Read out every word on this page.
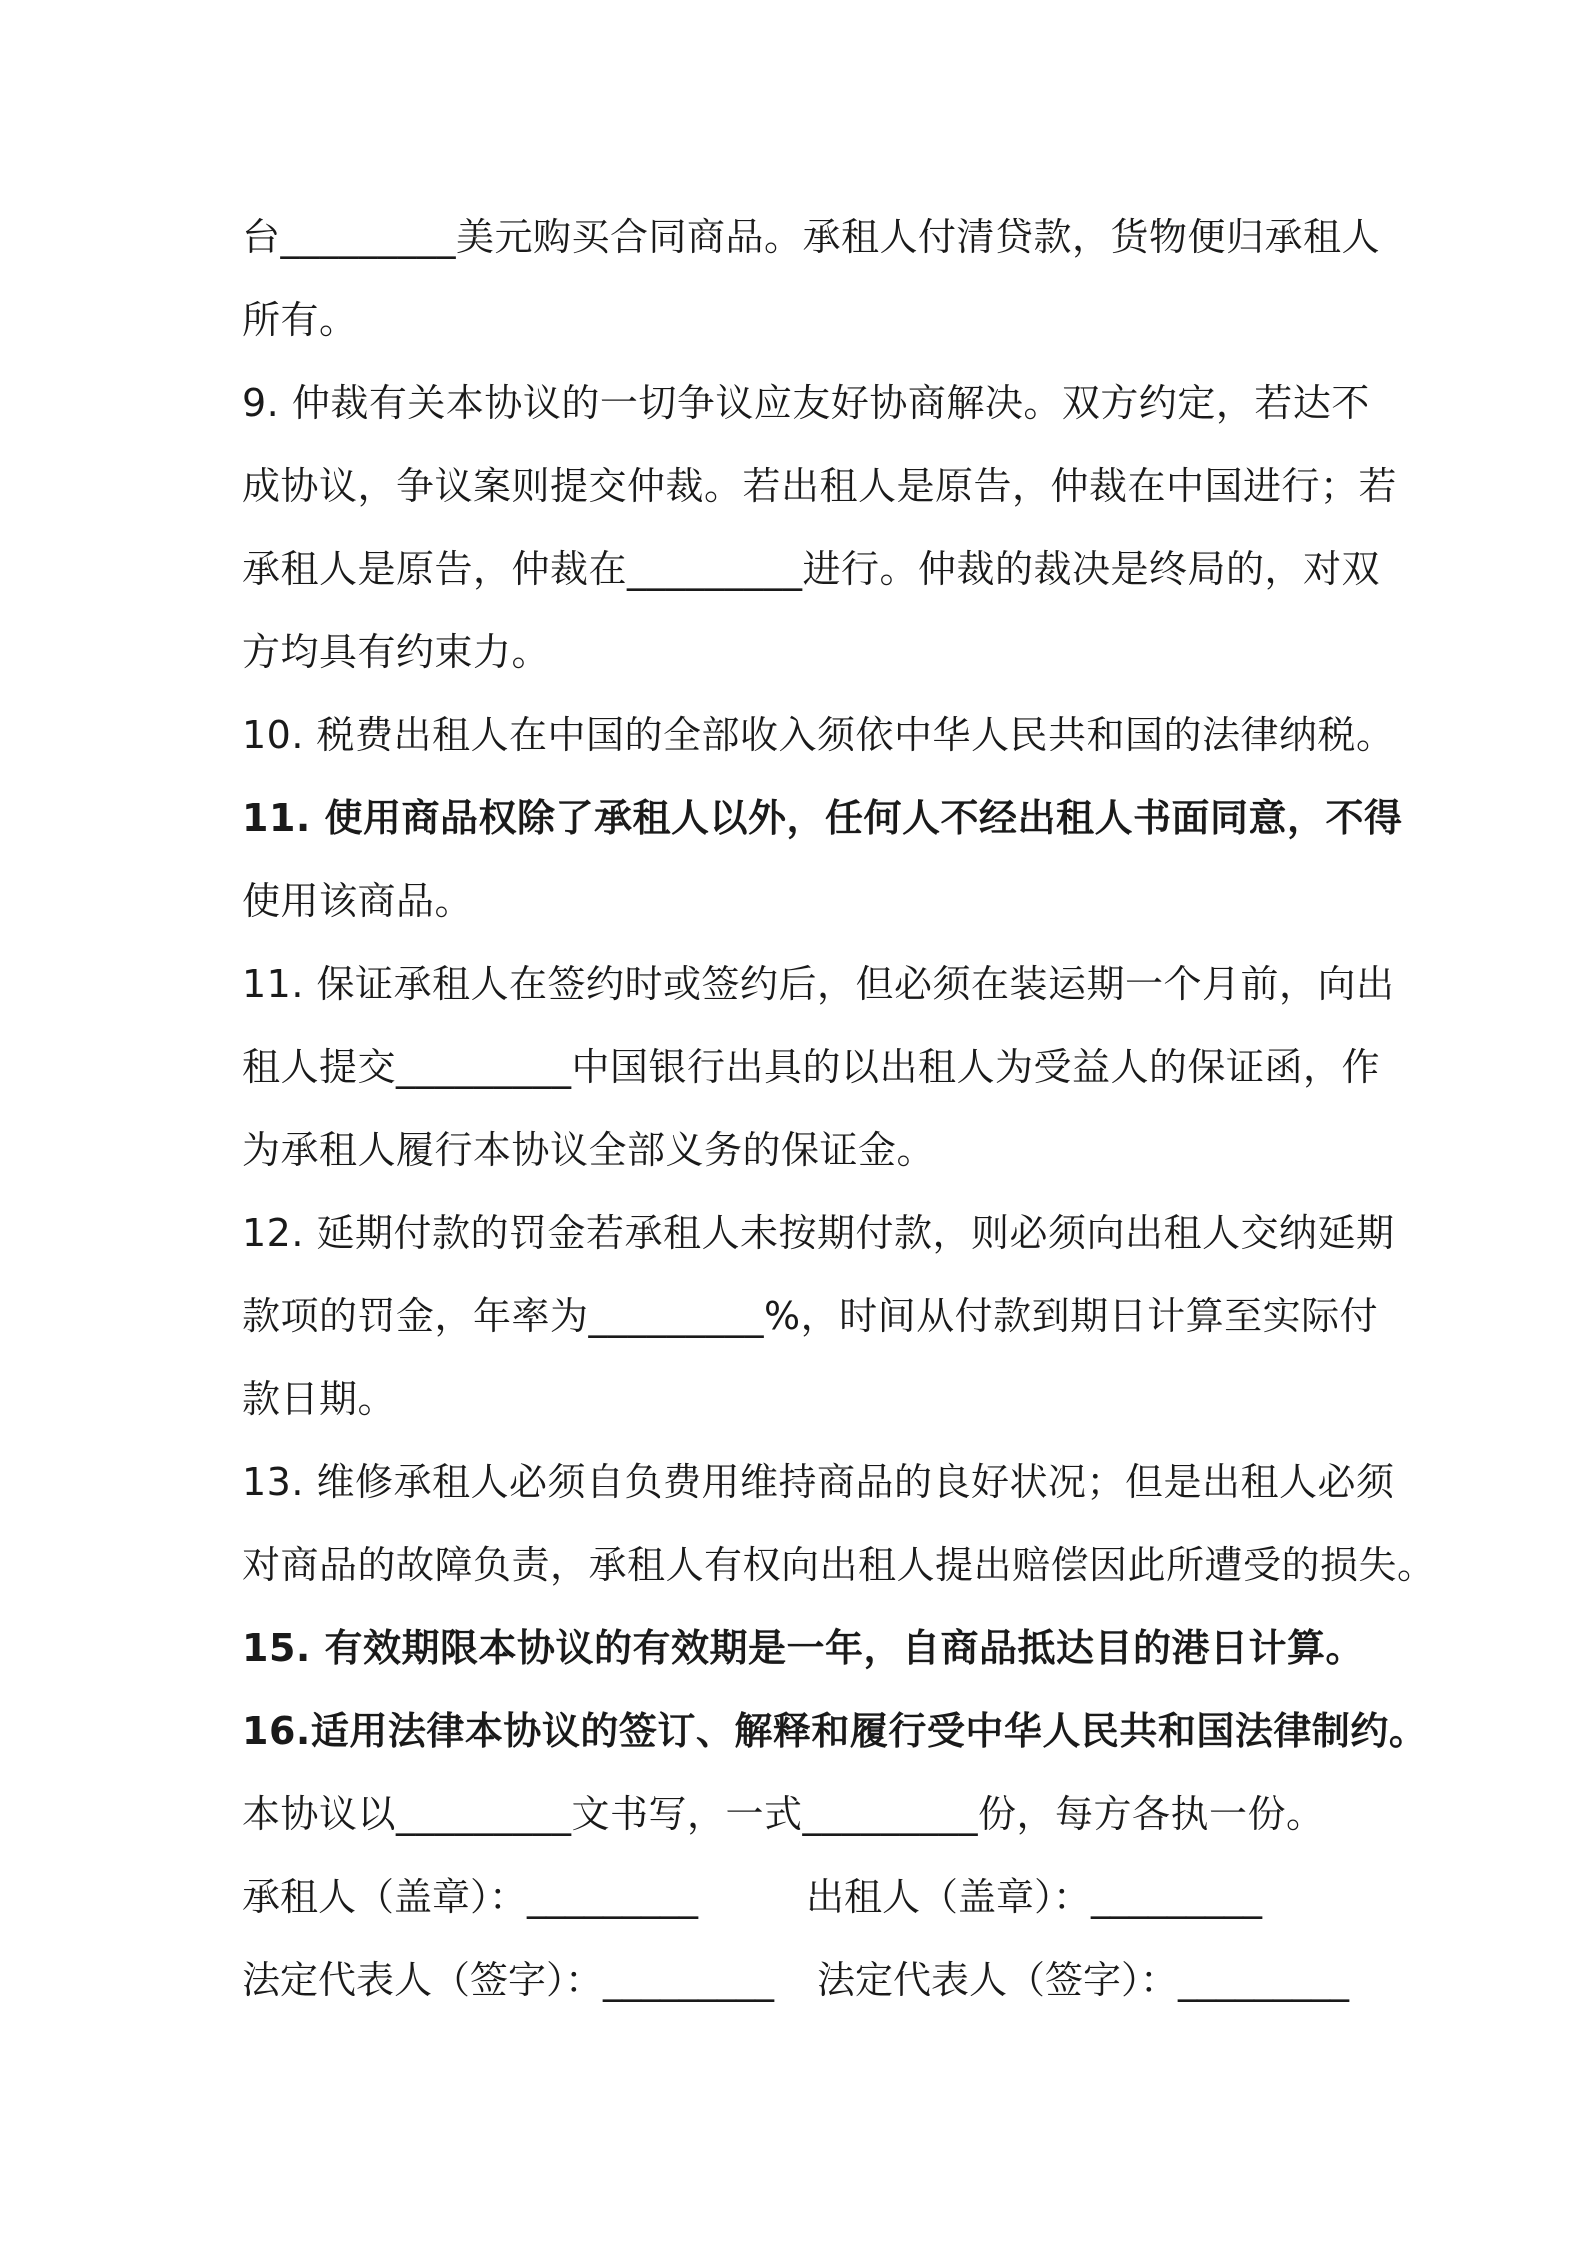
台_________美元购买合同商品。承租人付清贷款，货物便归承租人
所有。
9. 仲裁有关本协议的一切争议应友好协商解决。双方约定，若达不
成协议，争议案则提交仲裁。若出租人是原告，仲裁在中国进行；若
承租人是原告，仲裁在_________进行。仲裁的裁决是终局的，对双
方均具有约束力。
10. 税费出租人在中国的全部收入须依中华人民共和国的法律纳税。
11. 使用商品权除了承租人以外，任何人不经出租人书面同意，不得
使用该商品。
11. 保证承租人在签约时或签约后，但必须在装运期一个月前，向出
租人提交_________中国银行出具的以出租人为受益人的保证函，作
为承租人履行本协议全部义务的保证金。
12. 延期付款的罚金若承租人未按期付款，则必须向出租人交纳延期
款项的罚金，年率为_________%，时间从付款到期日计算至实际付
款日期。
13. 维修承租人必须自负费用维持商品的良好状况；但是出租人必须
对商品的故障负责，承租人有权向出租人提出赔偿因此所遭受的损失。
15. 有效期限本协议的有效期是一年，自商品抵达目的港日计算。
16.适用法律本协议的签订、解释和履行受中华人民共和国法律制约。
本协议以_________文书写，一式_________份，每方各执一份。
承租人（盖章）：_________	出租人（盖章）：_________
法定代表人（签字）：_________ 法定代表人（签字）：_________
